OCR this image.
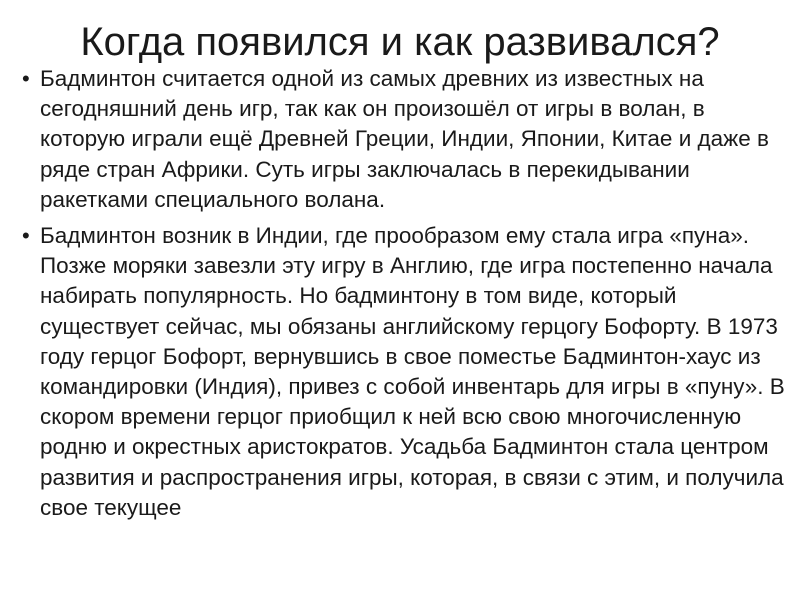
Когда появился и как развивался?
• Бадминтон считается одной из самых древних из известных на сегодняшний день игр, так как он произошёл от игры в волан, в которую играли ещё Древней Греции, Индии, Японии, Китае и даже в ряде стран Африки. Суть игры заключалась в перекидывании ракетками специального волана.
• Бадминтон возник в Индии, где прообразом ему стала игра «пуна». Позже моряки завезли эту игру в Англию, где игра постепенно начала набирать популярность. Но бадминтону в том виде, который существует сейчас, мы обязаны английскому герцогу Бофорту. В 1973 году герцог Бофорт, вернувшись в свое поместье Бадминтон-хаус из командировки (Индия), привез с собой инвентарь для игры в «пуну». В скором времени герцог приобщил к ней всю свою многочисленную родню и окрестных аристократов. Усадьба Бадминтон стала центром развития и распространения игры, которая, в связи с этим, и получила свое текущее
